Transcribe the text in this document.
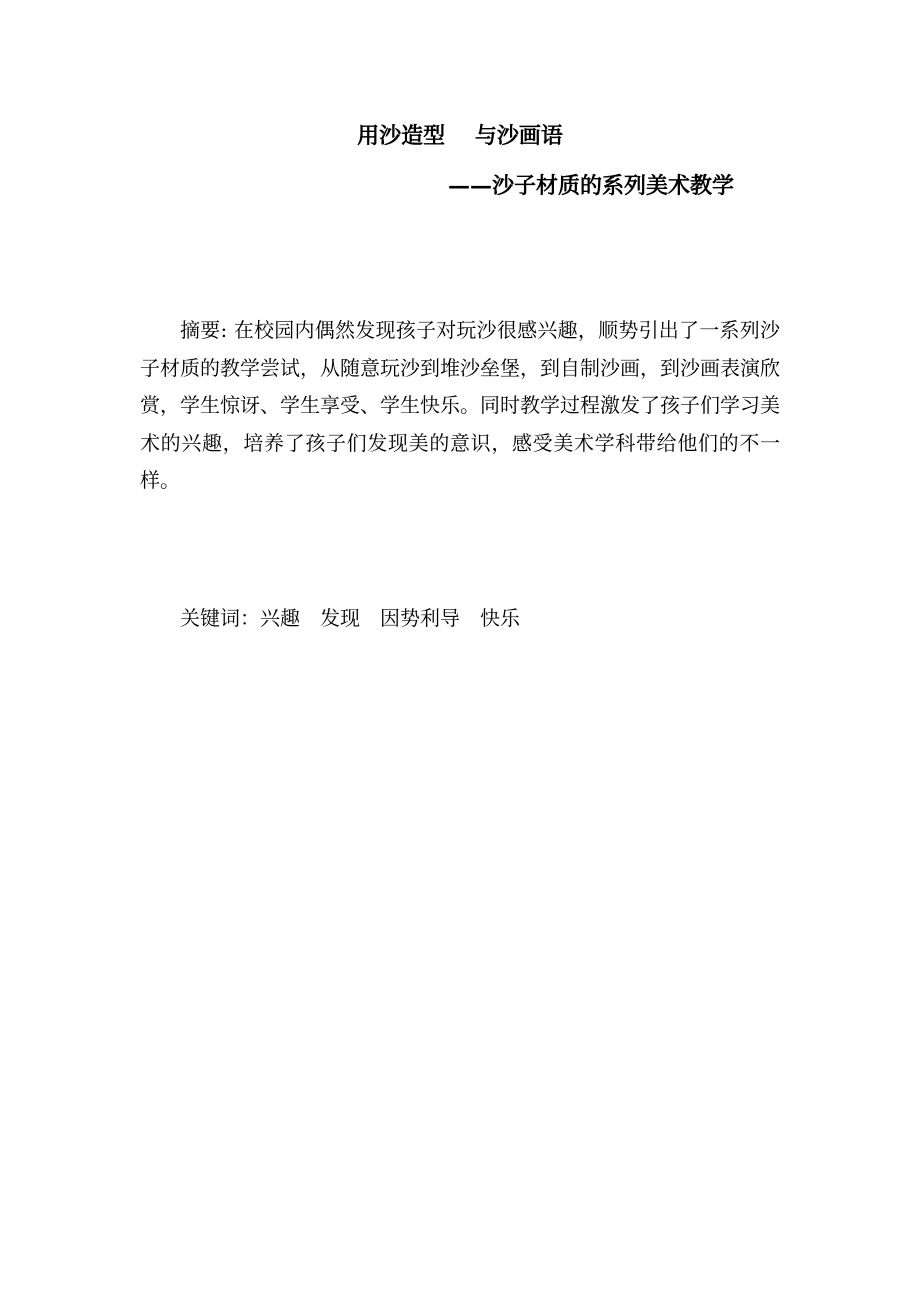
用沙造型　 与沙画语
——沙子材质的系列美术教学

摘要: 在校园内偶然发现孩子对玩沙很感兴趣，顺势引出了一系列沙子材质的教学尝试，从随意玩沙到堆沙垒堡，到自制沙画，到沙画表演欣赏，学生惊讶、学生享受、学生快乐。同时教学过程激发了孩子们学习美术的兴趣，培养了孩子们发现美的意识，感受美术学科带给他们的不一样。

关键词：兴趣　发现　因势利导　快乐
